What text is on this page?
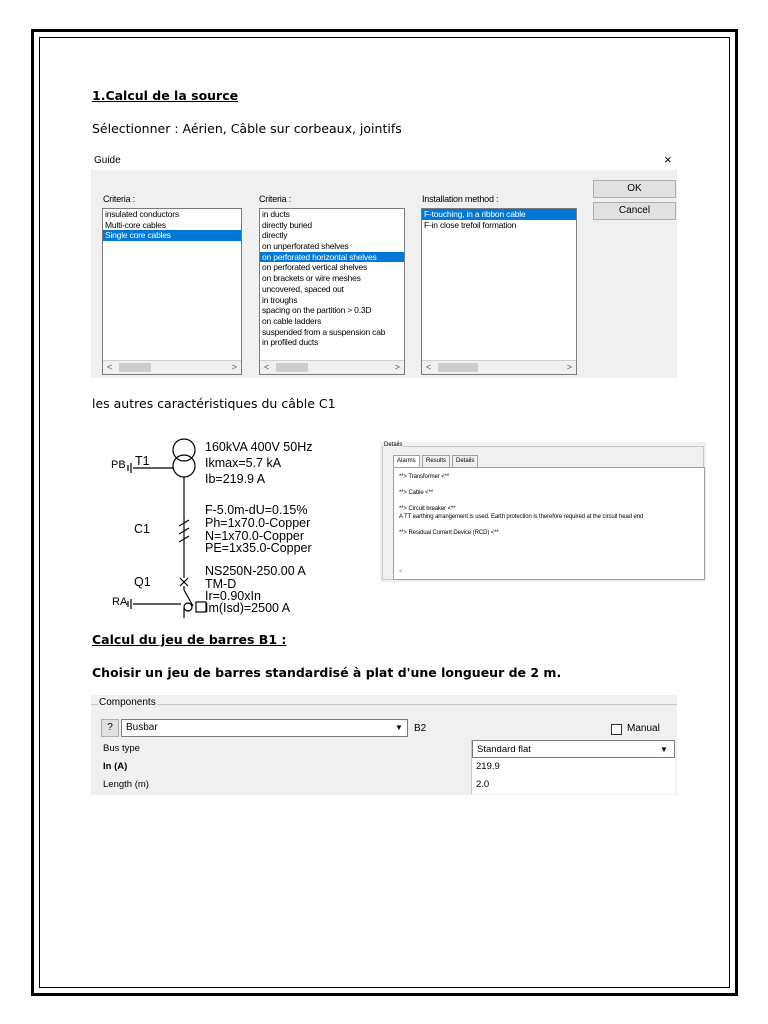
1.Calcul de la source
Sélectionner : Aérien, Câble sur corbeaux, jointifs
Guide	×
Criteria :	Criteria :	Installation method :
insulated conductors
Multi-core cables
Single core cables
<	>
in ducts
directly buried
directly
on unperforated shelves
on perforated horizontal shelves
on perforated vertical shelves
on brackets or wire meshes
uncovered, spaced out
in troughs
spacing on the partition > 0.3D
on cable ladders
suspended from a suspension cab
in profiled ducts
<	>
F-touching, in a ribbon cable
F-in close trefoil formation
<	>
OK
Cancel
les autres caractéristiques du câble C1
PB T1
160kVA 400V 50Hz
Ikmax=5.7 kA
Ib=219.9 A
C1
F-5.0m-dU=0.15%
Ph=1x70.0-Copper
N=1x70.0-Copper
PE=1x35.0-Copper
Q1
NS250N-250.00 A
TM-D
Ir=0.90xIn
Im(Isd)=2500 A
RA
Details
Alarms	Results	Details
**> Transformer <**
**> Cable <**
**> Circuit breaker <**
A TT earthing arrangement is used. Earth protection is therefore required at the circuit head end
**> Residual Current Device (RCD) <**
<
Calcul du jeu de barres B1 :
Choisir un jeu de barres standardisé à plat d'une longueur de 2 m.
Components
?	Busbar	▼	B2	Manual
Bus type	Standard flat	▼
In (A)	219.9
Length (m)	2.0
